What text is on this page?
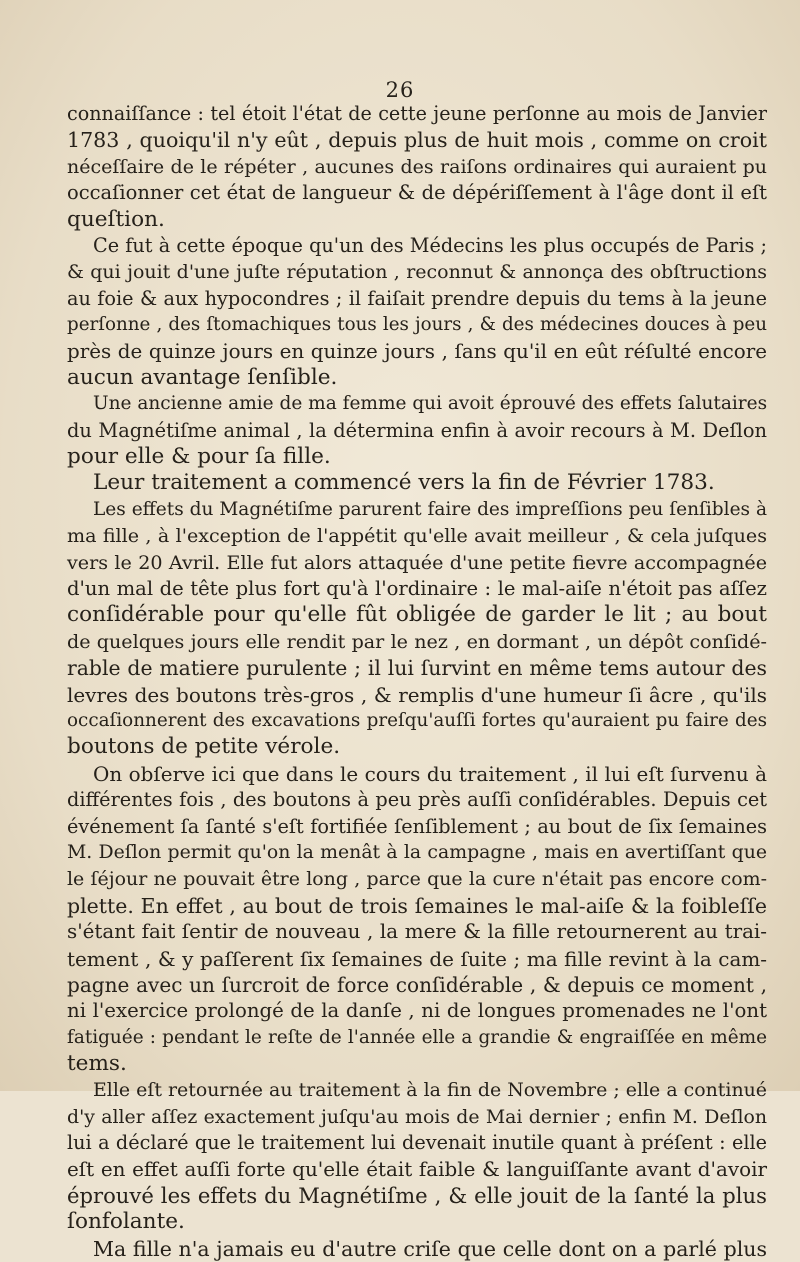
26
connaiſſance : tel étoit l'état de cette jeune perſonne au mois de Janvier
1783 , quoiqu'il n'y eût , depuis plus de huit mois , comme on croit
néceſſaire de le répéter , aucunes des raiſons ordinaires qui auraient pu
occaſionner cet état de langueur & de dépériſſement à l'âge dont il eſt
queſtion.
Ce fut à cette époque qu'un des Médecins les plus occupés de Paris ;
& qui jouit d'une juſte réputation , reconnut & annonça des obſtructions
au foie & aux hypocondres ; il faiſait prendre depuis du tems à la jeune
perſonne , des ſtomachiques tous les jours , & des médecines douces à peu
près de quinze jours en quinze jours , ſans qu'il en eût réſulté encore
aucun avantage ſenſible.
Une ancienne amie de ma femme qui avoit éprouvé des effets ſalutaires
du Magnétiſme animal , la détermina enfin à avoir recours à M. Deſlon
pour elle & pour ſa fille.
Leur traitement a commencé vers la fin de Février 1783.
Les effets du Magnétiſme parurent faire des impreſſions peu ſenſibles à
ma fille , à l'exception de l'appétit qu'elle avait meilleur , & cela juſques
vers le 20 Avril. Elle fut alors attaquée d'une petite fievre accompagnée
d'un mal de tête plus fort qu'à l'ordinaire : le mal-aiſe n'étoit pas aſſez
conſidérable pour qu'elle fût obligée de garder le lit ; au bout
de quelques jours elle rendit par le nez , en dormant , un dépôt conſidé-
rable de matiere purulente ; il lui ſurvint en même tems autour des
levres des boutons très-gros , & remplis d'une humeur ſi âcre , qu'ils
occaſionnerent des excavations preſqu'auſſi fortes qu'auraient pu faire des
boutons de petite vérole.
On obſerve ici que dans le cours du traitement , il lui eſt ſurvenu à
différentes fois , des boutons à peu près auſſi conſidérables. Depuis cet
événement ſa ſanté s'eſt fortifiée ſenſiblement ; au bout de ſix ſemaines
M. Deſlon permit qu'on la menât à la campagne , mais en avertiſſant que
le ſéjour ne pouvait être long , parce que la cure n'était pas encore com-
plette. En effet , au bout de trois ſemaines le mal-aiſe & la foibleſſe
s'étant fait ſentir de nouveau , la mere & la fille retournerent au trai-
tement , & y paſſerent ſix ſemaines de ſuite ; ma fille revint à la cam-
pagne avec un ſurcroit de force conſidérable , & depuis ce moment ,
ni l'exercice prolongé de la danſe , ni de longues promenades ne l'ont
fatiguée : pendant le reſte de l'année elle a grandie & engraiſſée en même
tems.
Elle eſt retournée au traitement à la fin de Novembre ; elle a continué
d'y aller aſſez exactement juſqu'au mois de Mai dernier ; enfin M. Deſlon
lui a déclaré que le traitement lui devenait inutile quant à préſent : elle
eſt en effet auſſi forte qu'elle était faible & languiſſante avant d'avoir
éprouvé les effets du Magnétiſme , & elle jouit de la ſanté la plus
ſonfolante.
Ma fille n'a jamais eu d'autre criſe que celle dont on a parlé plus
